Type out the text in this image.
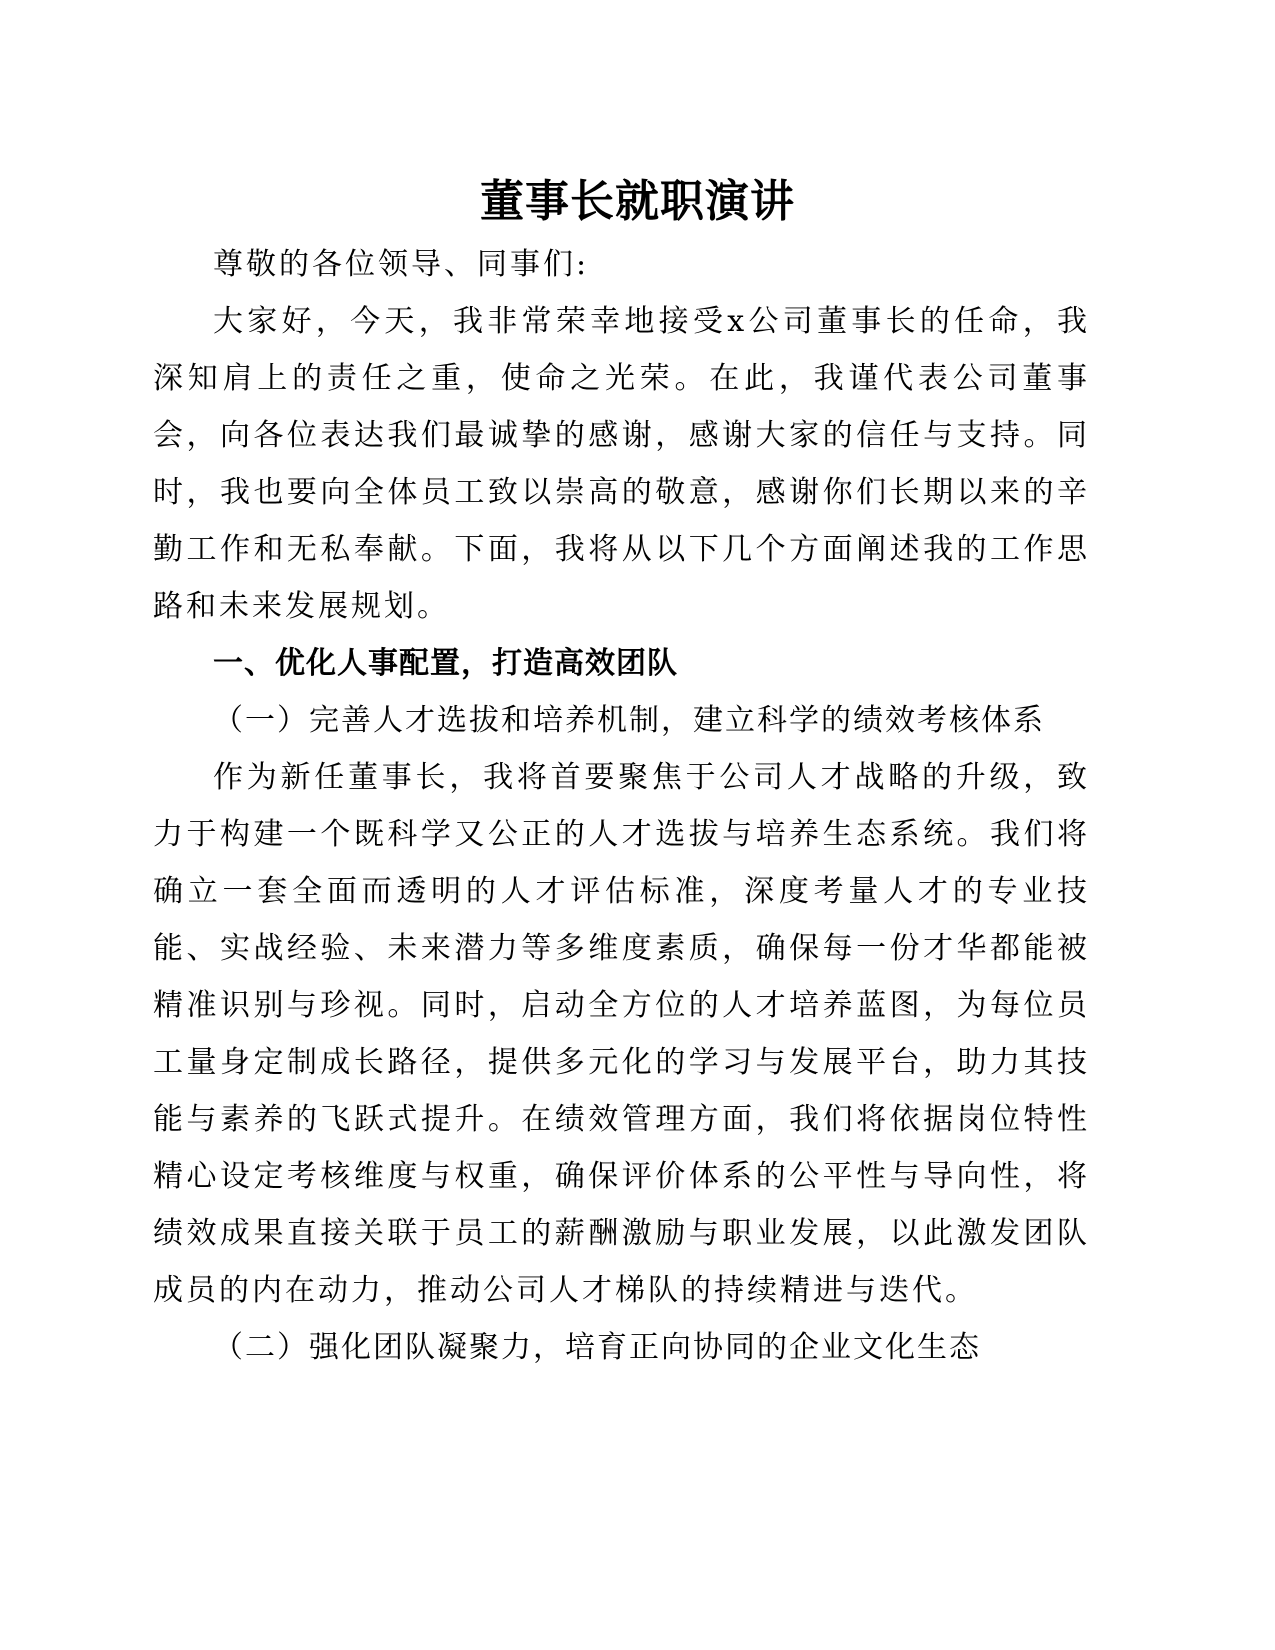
董事长就职演讲

尊敬的各位领导、同事们:

大家好，今天，我非常荣幸地接受x公司董事长的任命，我深知肩上的责任之重，使命之光荣。在此，我谨代表公司董事会，向各位表达我们最诚挚的感谢，感谢大家的信任与支持。同时，我也要向全体员工致以崇高的敬意，感谢你们长期以来的辛勤工作和无私奉献。下面，我将从以下几个方面阐述我的工作思路和未来发展规划。

一、优化人事配置，打造高效团队

（一）完善人才选拔和培养机制，建立科学的绩效考核体系

作为新任董事长，我将首要聚焦于公司人才战略的升级，致力于构建一个既科学又公正的人才选拔与培养生态系统。我们将确立一套全面而透明的人才评估标准，深度考量人才的专业技能、实战经验、未来潜力等多维度素质，确保每一份才华都能被精准识别与珍视。同时，启动全方位的人才培养蓝图，为每位员工量身定制成长路径，提供多元化的学习与发展平台，助力其技能与素养的飞跃式提升。在绩效管理方面，我们将依据岗位特性精心设定考核维度与权重，确保评价体系的公平性与导向性，将绩效成果直接关联于员工的薪酬激励与职业发展，以此激发团队成员的内在动力，推动公司人才梯队的持续精进与迭代。

（二）强化团队凝聚力，培育正向协同的企业文化生态
